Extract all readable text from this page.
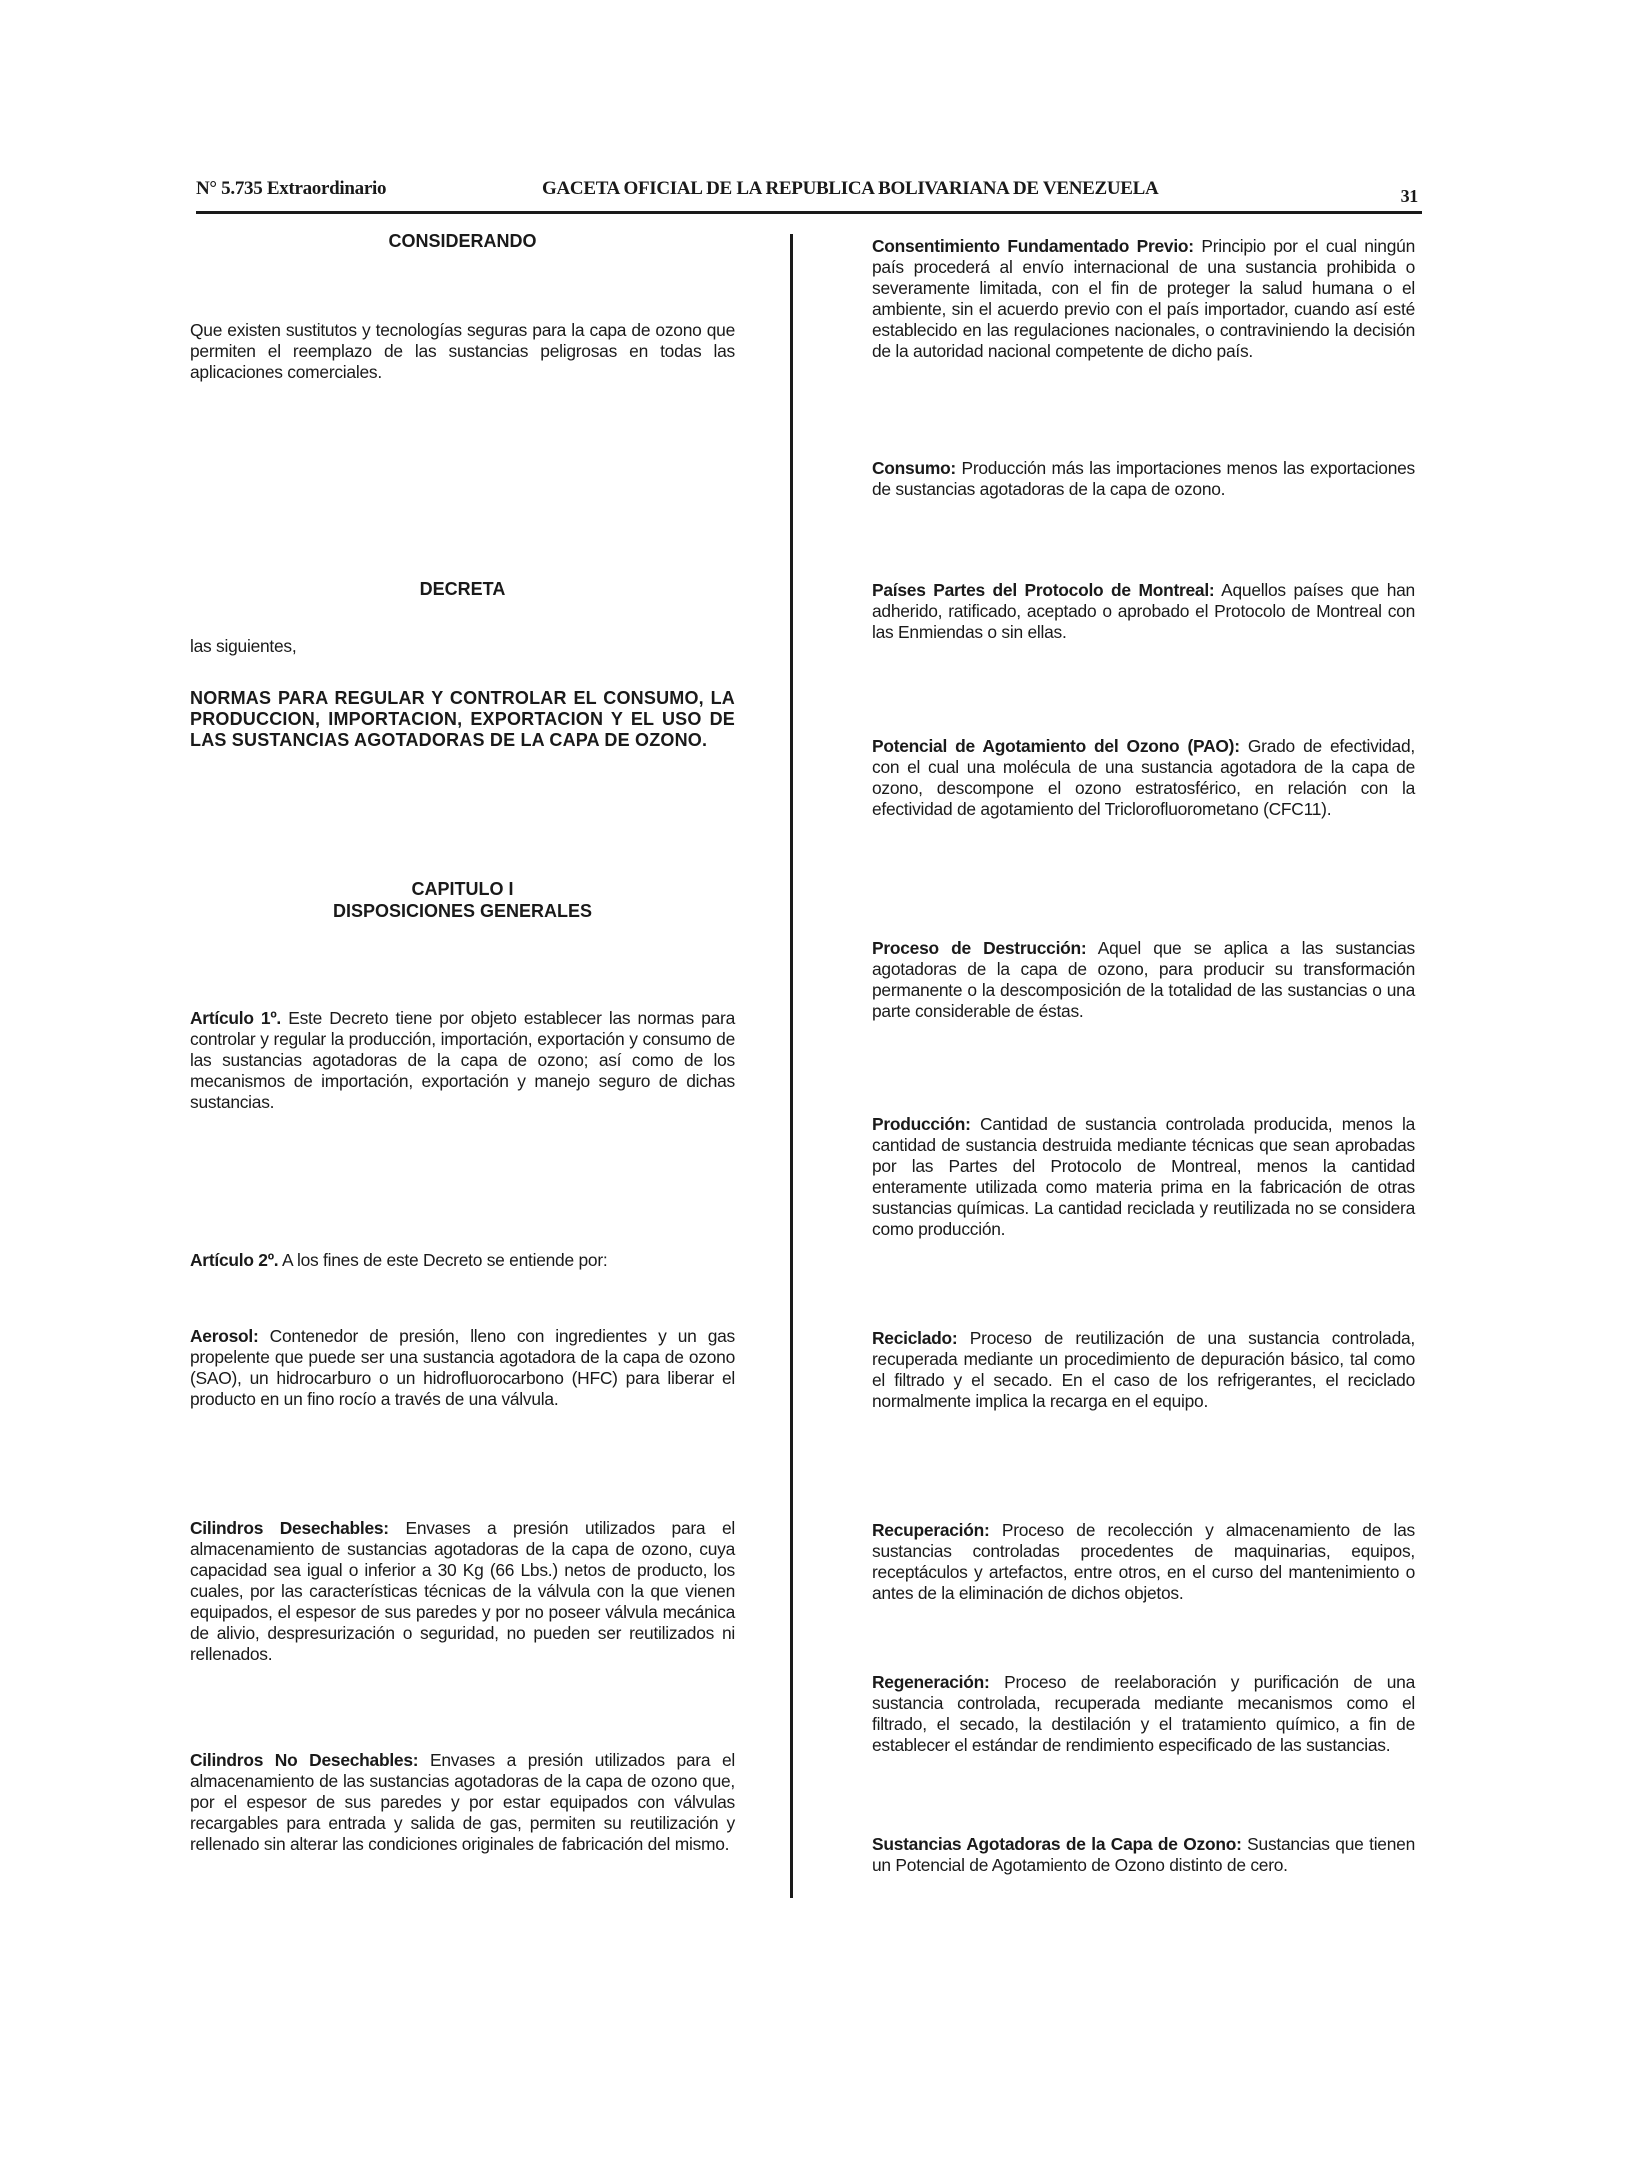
N° 5.735 Extraordinario	GACETA OFICIAL DE LA REPUBLICA BOLIVARIANA DE VENEZUELA	31

CONSIDERANDO

Que existen sustitutos y tecnologías seguras para la capa de ozono que permiten el reemplazo de las sustancias peligrosas en todas las aplicaciones comerciales.

DECRETA

las siguientes,

NORMAS PARA REGULAR Y CONTROLAR EL CONSUMO, LA PRODUCCION, IMPORTACION, EXPORTACION Y EL USO DE LAS SUSTANCIAS AGOTADORAS DE LA CAPA DE OZONO.

CAPITULO I

DISPOSICIONES GENERALES

Artículo 1º. Este Decreto tiene por objeto establecer las normas para controlar y regular la producción, importación, exportación y consumo de las sustancias agotadoras de la capa de ozono; así como de los mecanismos de importación, exportación y manejo seguro de dichas sustancias.

Artículo 2º. A los fines de este Decreto se entiende por:

Aerosol: Contenedor de presión, lleno con ingredientes y un gas propelente que puede ser una sustancia agotadora de la capa de ozono (SAO), un hidrocarburo o un hidrofluorocarbono (HFC) para liberar el producto en un fino rocío a través de una válvula.

Cilindros Desechables: Envases a presión utilizados para el almacenamiento de sustancias agotadoras de la capa de ozono, cuya capacidad sea igual o inferior a 30 Kg (66 Lbs.) netos de producto, los cuales, por las características técnicas de la válvula con la que vienen equipados, el espesor de sus paredes y por no poseer válvula mecánica de alivio, despresurización o seguridad, no pueden ser reutilizados ni rellenados.

Cilindros No Desechables: Envases a presión utilizados para el almacenamiento de las sustancias agotadoras de la capa de ozono que, por el espesor de sus paredes y por estar equipados con válvulas recargables para entrada y salida de gas, permiten su reutilización y rellenado sin alterar las condiciones originales de fabricación del mismo.

Consentimiento Fundamentado Previo: Principio por el cual ningún país procederá al envío internacional de una sustancia prohibida o severamente limitada, con el fin de proteger la salud humana o el ambiente, sin el acuerdo previo con el país importador, cuando así esté establecido en las regulaciones nacionales, o contraviniendo la decisión de la autoridad nacional competente de dicho país.

Consumo: Producción más las importaciones menos las exportaciones de sustancias agotadoras de la capa de ozono.

Países Partes del Protocolo de Montreal: Aquellos países que han adherido, ratificado, aceptado o aprobado el Protocolo de Montreal con las Enmiendas o sin ellas.

Potencial de Agotamiento del Ozono (PAO): Grado de efectividad, con el cual una molécula de una sustancia agotadora de la capa de ozono, descompone el ozono estratosférico, en relación con la efectividad de agotamiento del Triclorofluorometano (CFC11).

Proceso de Destrucción: Aquel que se aplica a las sustancias agotadoras de la capa de ozono, para producir su transformación permanente o la descomposición de la totalidad de las sustancias o una parte considerable de éstas.

Producción: Cantidad de sustancia controlada producida, menos la cantidad de sustancia destruida mediante técnicas que sean aprobadas por las Partes del Protocolo de Montreal, menos la cantidad enteramente utilizada como materia prima en la fabricación de otras sustancias químicas. La cantidad reciclada y reutilizada no se considera como producción.

Reciclado: Proceso de reutilización de una sustancia controlada, recuperada mediante un procedimiento de depuración básico, tal como el filtrado y el secado. En el caso de los refrigerantes, el reciclado normalmente implica la recarga en el equipo.

Recuperación: Proceso de recolección y almacenamiento de las sustancias controladas procedentes de maquinarias, equipos, receptáculos y artefactos, entre otros, en el curso del mantenimiento o antes de la eliminación de dichos objetos.

Regeneración: Proceso de reelaboración y purificación de una sustancia controlada, recuperada mediante mecanismos como el filtrado, el secado, la destilación y el tratamiento químico, a fin de establecer el estándar de rendimiento especificado de las sustancias.

Sustancias Agotadoras de la Capa de Ozono: Sustancias que tienen un Potencial de Agotamiento de Ozono distinto de cero.
